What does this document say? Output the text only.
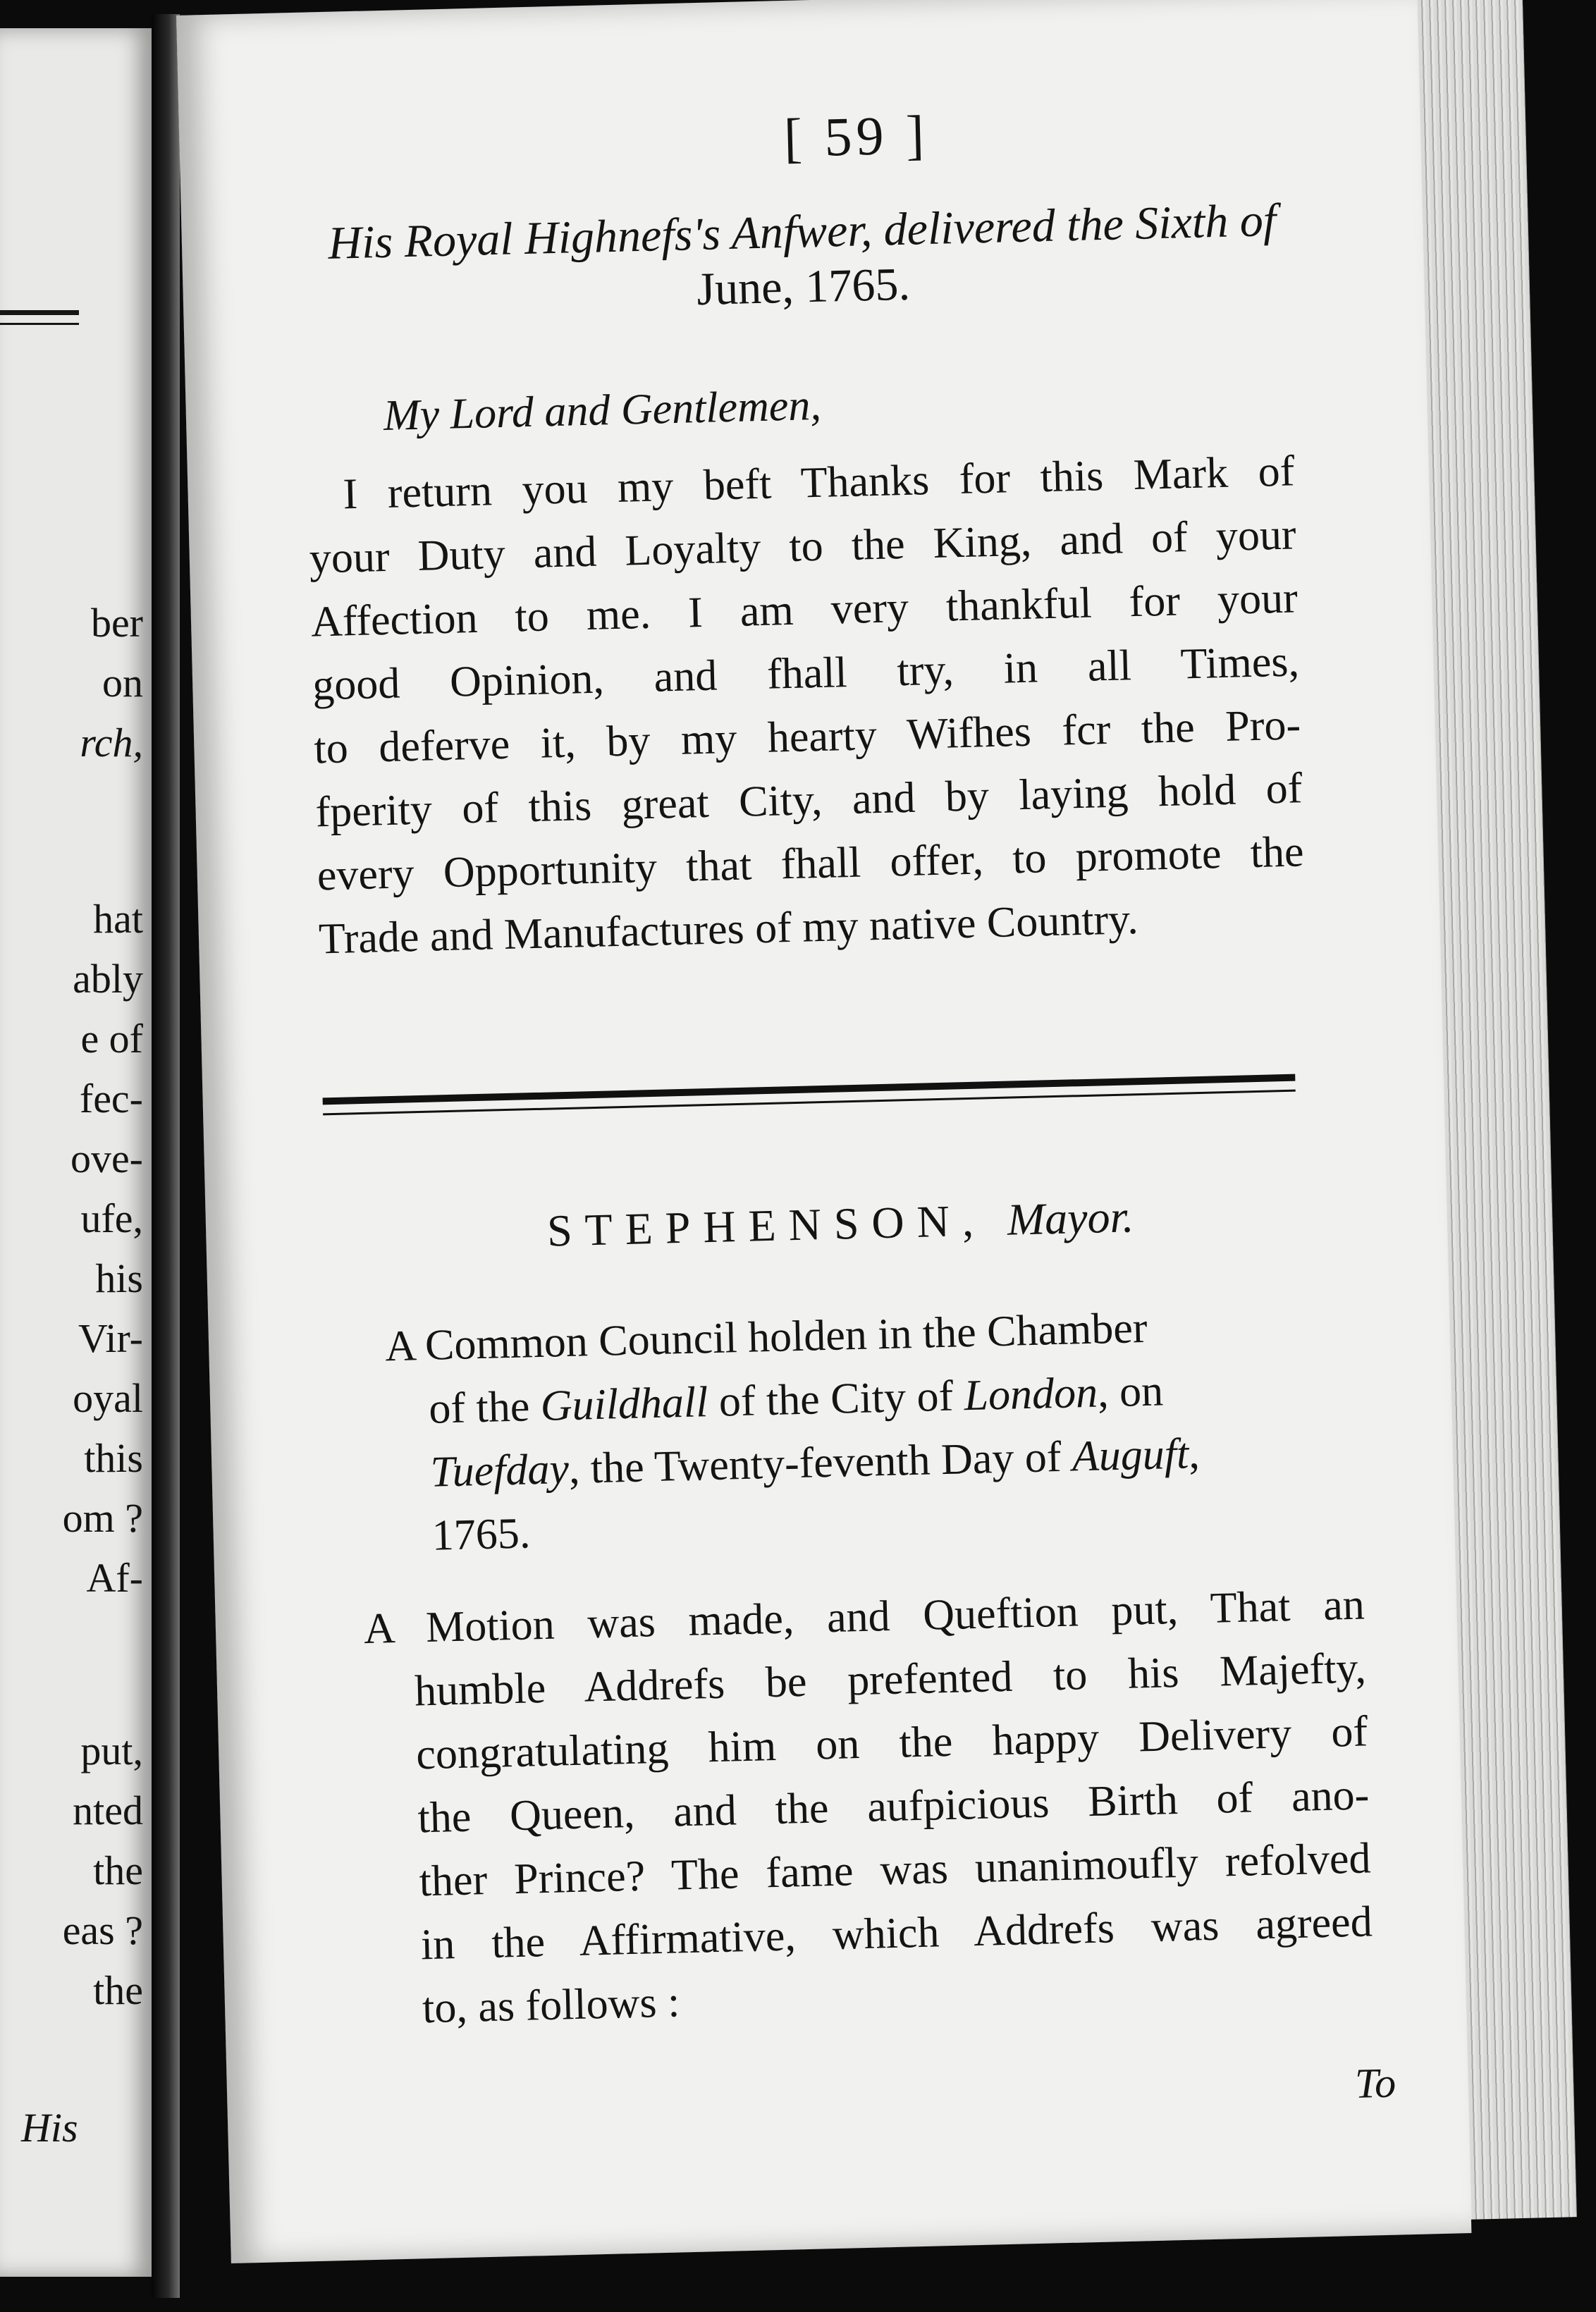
ber
on
rch,
hat
ably
e of
fec-
ove-
ufe,
his
Vir-
oyal
this
om ?
Af-
put,
nted
the
eas ?
the
His
[ 59 ]
His Royal Highnefs's Anfwer, delivered the Sixth of
June, 1765.
My Lord and Gentlemen,
I return you my beft Thanks for this Mark of
your Duty and Loyalty to the King, and of your
Affection to me. I am very thankful for your
good Opinion, and fhall try, in all Times,
to deferve it, by my hearty Wifhes fcr the Pro-
fperity of this great City, and by laying hold of
every Opportunity that fhall offer, to promote the
Trade and Manufactures of my native Country.
STEPHENSON, Mayor.
A Common Council holden in the Chamber
of the Guildhall of the City of London, on
Tuefday, the Twenty-feventh Day of Auguft,
1765.
A Motion was made, and Queftion put, That an
humble Addrefs be prefented to his Majefty,
congratulating him on the happy Delivery of
the Queen, and the aufpicious Birth of ano-
ther Prince? The fame was unanimoufly refolved
in the Affirmative, which Addrefs was agreed
to, as follows :
To
